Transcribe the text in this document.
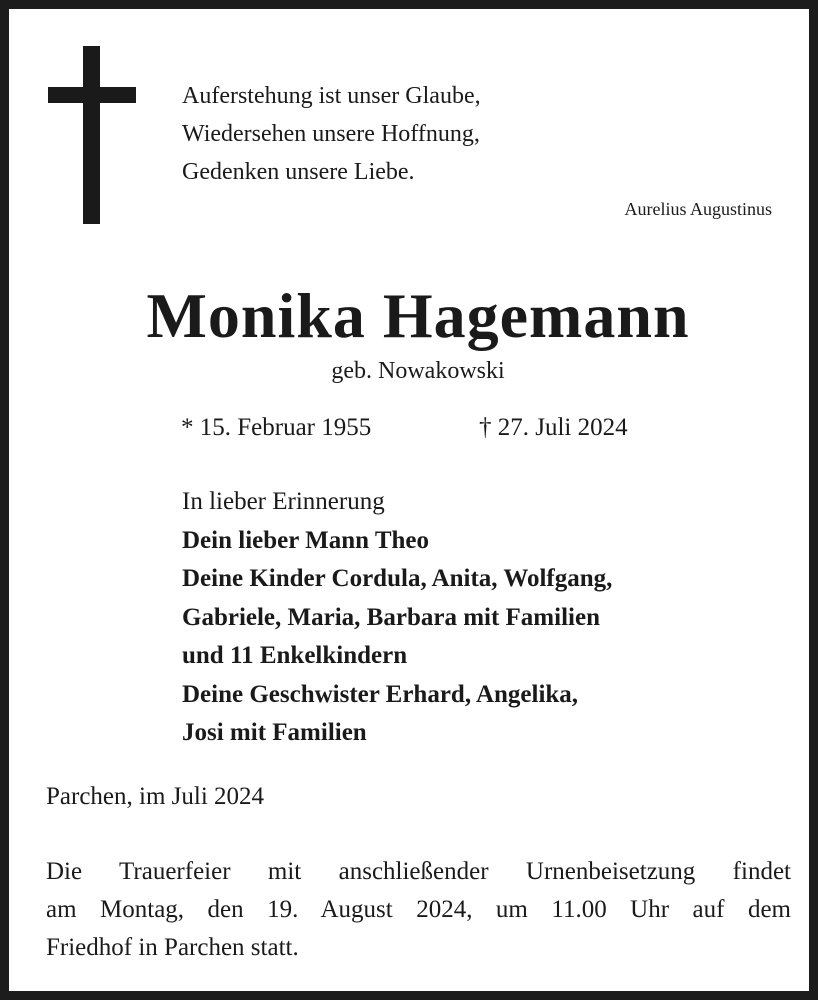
Auferstehung ist unser Glaube,
Wiedersehen unsere Hoffnung,
Gedenken unsere Liebe.
Aurelius Augustinus
Monika Hagemann
geb. Nowakowski
* 15. Februar 1955	† 27. Juli 2024
In lieber Erinnerung
Dein lieber Mann Theo
Deine Kinder Cordula, Anita, Wolfgang,
Gabriele, Maria, Barbara mit Familien
und 11 Enkelkindern
Deine Geschwister Erhard, Angelika,
Josi mit Familien
Parchen, im Juli 2024
Die Trauerfeier mit anschließender Urnenbeisetzung findet
am Montag, den 19. August 2024, um 11.00 Uhr auf dem
Friedhof in Parchen statt.
